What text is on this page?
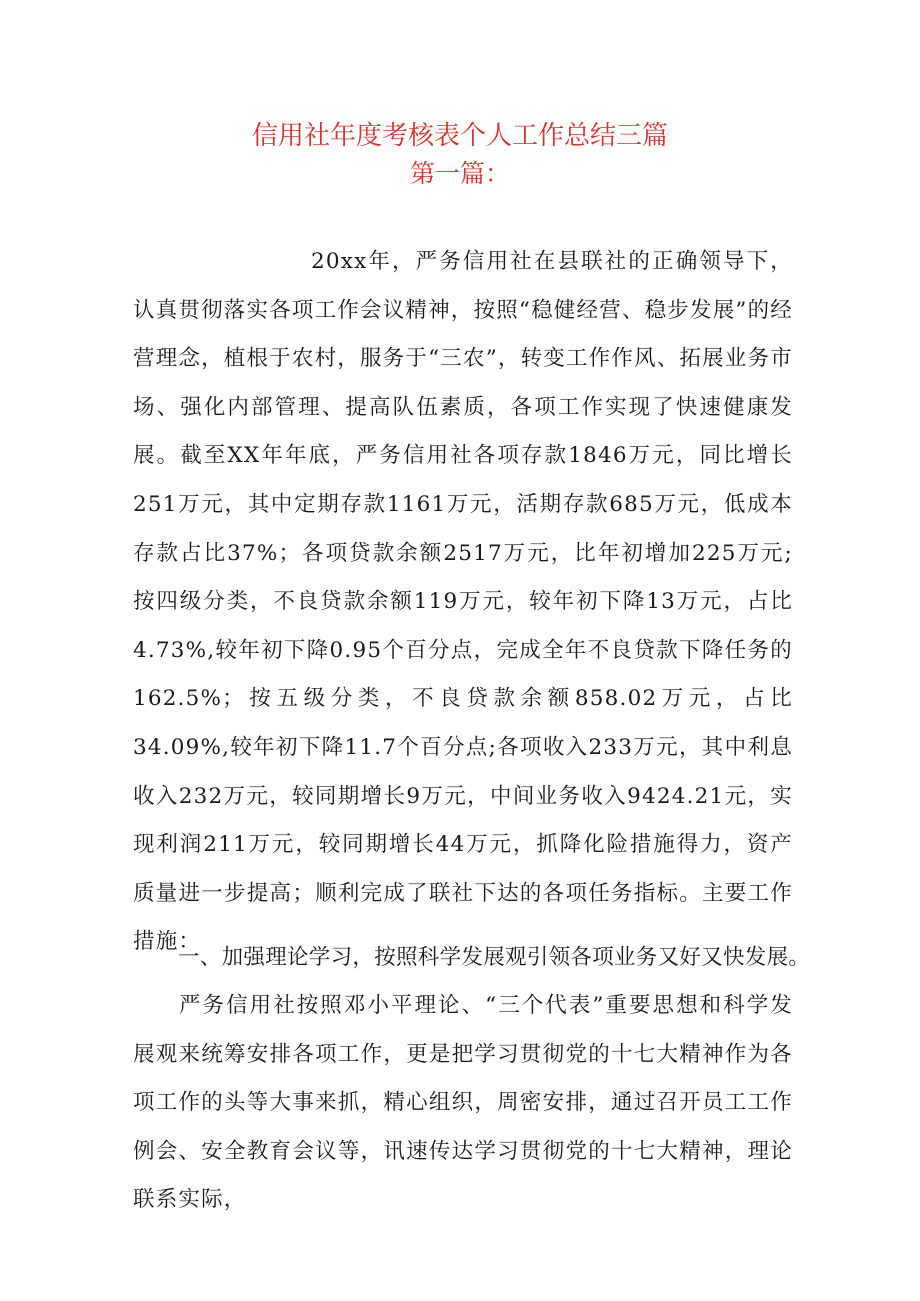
信用社年度考核表个人工作总结三篇
第一篇：

20xx年，严务信用社在县联社的正确领导下，认真贯彻落实各项工作会议精神，按照“稳健经营、稳步发展”的经营理念，植根于农村，服务于“三农”，转变工作作风、拓展业务市场、强化内部管理、提高队伍素质，各项工作实现了快速健康发展。截至XX年年底，严务信用社各项存款1846万元，同比增长251万元，其中定期存款1161万元，活期存款685万元，低成本存款占比37%；各项贷款余额2517万元，比年初增加225万元;按四级分类，不良贷款余额119万元，较年初下降13万元，占比4.73%,较年初下降0.95个百分点，完成全年不良贷款下降任务的162.5%；按五级分类，不良贷款余额858.02万元，占比34.09%,较年初下降11.7个百分点;各项收入233万元，其中利息收入232万元，较同期增长9万元，中间业务收入9424.21元，实现利润211万元，较同期增长44万元，抓降化险措施得力，资产质量进一步提高；顺利完成了联社下达的各项任务指标。主要工作措施：

一、加强理论学习，按照科学发展观引领各项业务又好又快发展。

严务信用社按照邓小平理论、“三个代表”重要思想和科学发展观来统筹安排各项工作，更是把学习贯彻党的十七大精神作为各项工作的头等大事来抓，精心组织，周密安排，通过召开员工工作例会、安全教育会议等，讯速传达学习贯彻党的十七大精神，理论联系实际，
